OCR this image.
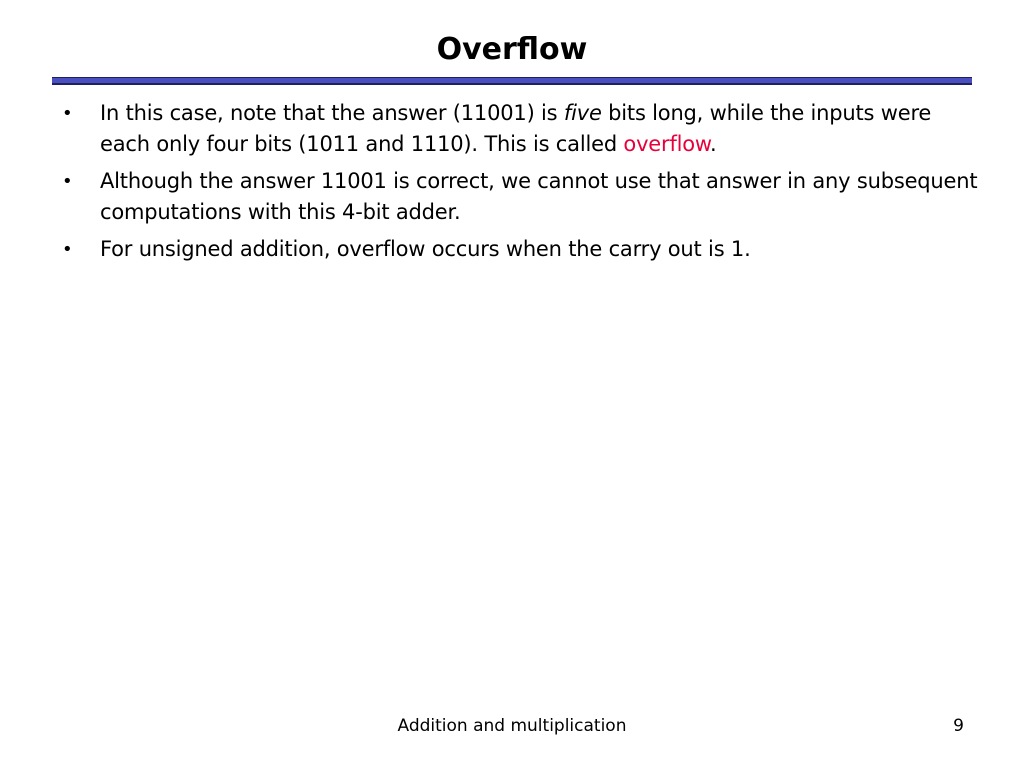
Overflow
•	In this case, note that the answer (11001) is five bits long, while the inputs were each only four bits (1011 and 1110). This is called overflow.
•	Although the answer 11001 is correct, we cannot use that answer in any subsequent computations with this 4-bit adder.
•	For unsigned addition, overflow occurs when the carry out is 1.
Addition and multiplication	9
